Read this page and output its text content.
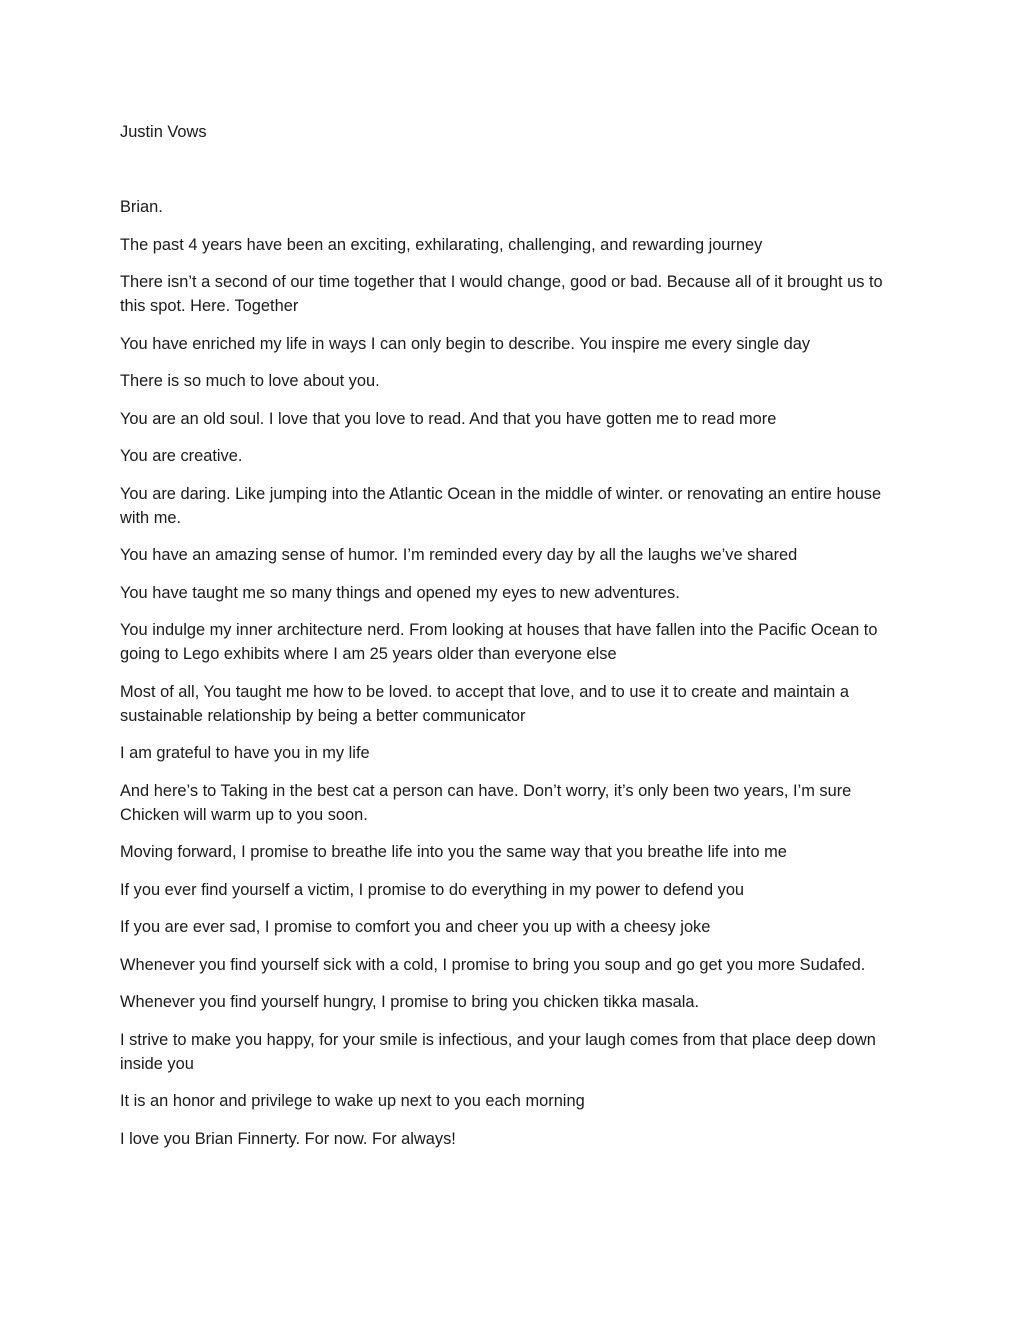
Justin Vows

Brian.

The past 4 years have been an exciting, exhilarating, challenging, and rewarding journey

There isn’t a second of our time together that I would change, good or bad. Because all of it brought us to this spot. Here. Together

You have enriched my life in ways I can only begin to describe. You inspire me every single day

There is so much to love about you.

You are an old soul. I love that you love to read. And that you have gotten me to read more

You are creative.

You are daring. Like jumping into the Atlantic Ocean in the middle of winter. or renovating an entire house with me.

You have an amazing sense of humor. I’m reminded every day by all the laughs we’ve shared

You have taught me so many things and opened my eyes to new adventures.

You indulge my inner architecture nerd. From looking at houses that have fallen into the Pacific Ocean to going to Lego exhibits where I am 25 years older than everyone else

Most of all, You taught me how to be loved. to accept that love, and to use it to create and maintain a sustainable relationship by being a better communicator

I am grateful to have you in my life

And here’s to Taking in the best cat a person can have. Don’t worry, it’s only been two years, I’m sure Chicken will warm up to you soon.

Moving forward, I promise to breathe life into you the same way that you breathe life into me

If you ever find yourself a victim, I promise to do everything in my power to defend you

If you are ever sad, I promise to comfort you and cheer you up with a cheesy joke

Whenever you find yourself sick with a cold, I promise to bring you soup and go get you more Sudafed.

Whenever you find yourself hungry, I promise to bring you chicken tikka masala.

I strive to make you happy, for your smile is infectious, and your laugh comes from that place deep down inside you

It is an honor and privilege to wake up next to you each morning

I love you Brian Finnerty. For now. For always!
